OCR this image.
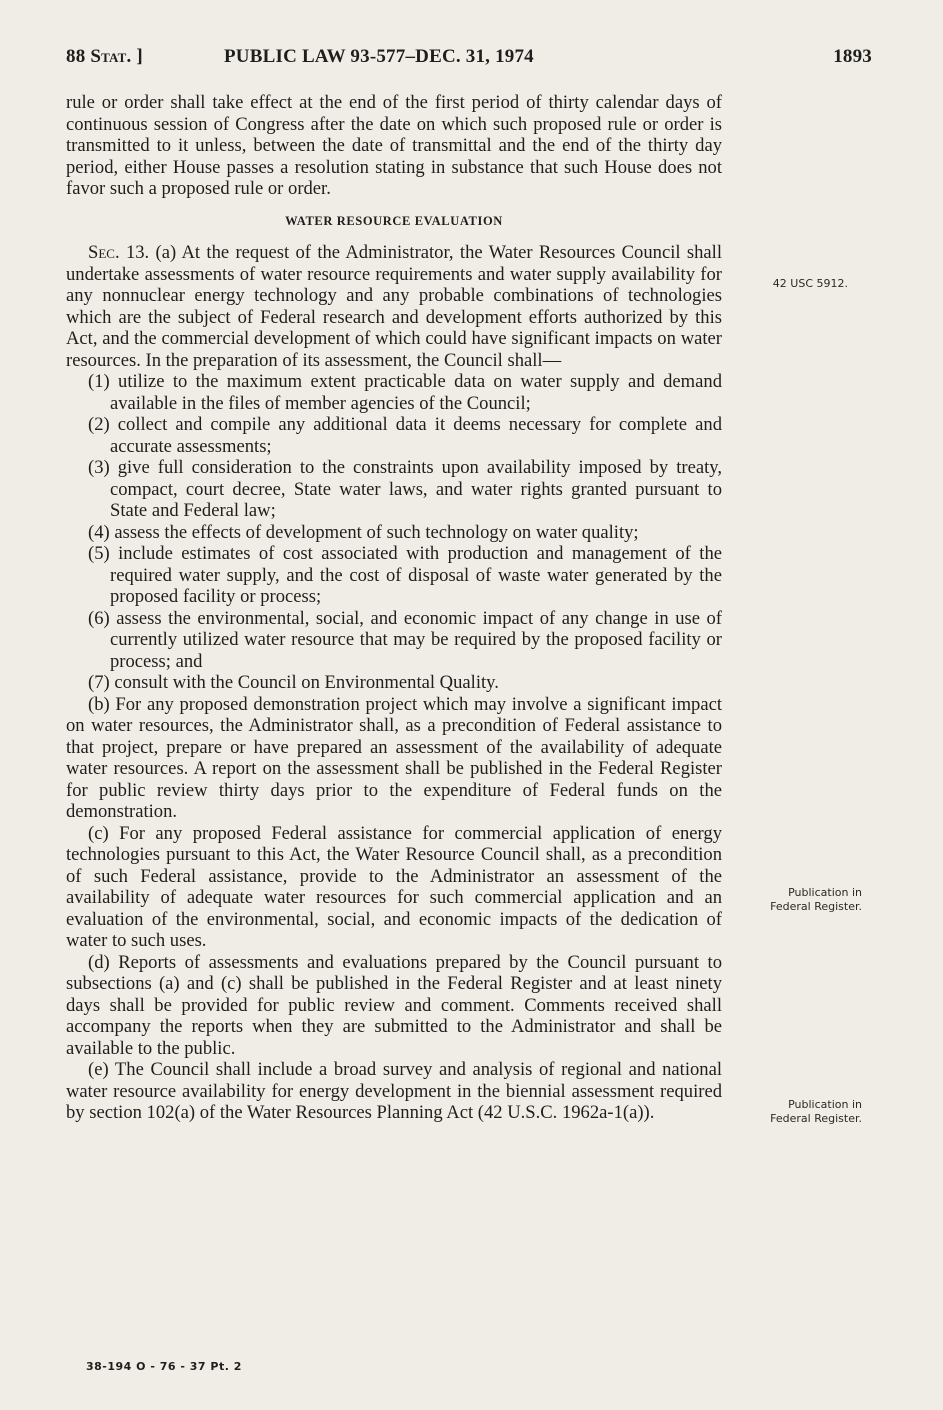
88 Stat. ]	PUBLIC LAW 93-577–DEC. 31, 1974	1893

rule or order shall take effect at the end of the first period of thirty calendar days of continuous session of Congress after the date on which such proposed rule or order is transmitted to it unless, between the date of transmittal and the end of the thirty day period, either House passes a resolution stating in substance that such House does not favor such a proposed rule or order.

WATER RESOURCE EVALUATION

Sec. 13. (a) At the request of the Administrator, the Water Resources Council shall undertake assessments of water resource requirements and water supply availability for any nonnuclear energy technology and any probable combinations of technologies which are the subject of Federal research and development efforts authorized by this Act, and the commercial development of which could have significant impacts on water resources. In the preparation of its assessment, the Council shall—

(1) utilize to the maximum extent practicable data on water supply and demand available in the files of member agencies of the Council;

(2) collect and compile any additional data it deems necessary for complete and accurate assessments;

(3) give full consideration to the constraints upon availability imposed by treaty, compact, court decree, State water laws, and water rights granted pursuant to State and Federal law;

(4) assess the effects of development of such technology on water quality;

(5) include estimates of cost associated with production and management of the required water supply, and the cost of disposal of waste water generated by the proposed facility or process;

(6) assess the environmental, social, and economic impact of any change in use of currently utilized water resource that may be required by the proposed facility or process; and

(7) consult with the Council on Environmental Quality.

(b) For any proposed demonstration project which may involve a significant impact on water resources, the Administrator shall, as a precondition of Federal assistance to that project, prepare or have prepared an assessment of the availability of adequate water resources. A report on the assessment shall be published in the Federal Register for public review thirty days prior to the expenditure of Federal funds on the demonstration.

(c) For any proposed Federal assistance for commercial application of energy technologies pursuant to this Act, the Water Resource Council shall, as a precondition of such Federal assistance, provide to the Administrator an assessment of the availability of adequate water resources for such commercial application and an evaluation of the environmental, social, and economic impacts of the dedication of water to such uses.

(d) Reports of assessments and evaluations prepared by the Council pursuant to subsections (a) and (c) shall be published in the Federal Register and at least ninety days shall be provided for public review and comment. Comments received shall accompany the reports when they are submitted to the Administrator and shall be available to the public.

(e) The Council shall include a broad survey and analysis of regional and national water resource availability for energy development in the biennial assessment required by section 102(a) of the Water Resources Planning Act (42 U.S.C. 1962a-1(a)).

42 USC 5912.
Publication in
Federal Register.
Publication in
Federal Register.
38-194 O - 76 - 37 Pt. 2
